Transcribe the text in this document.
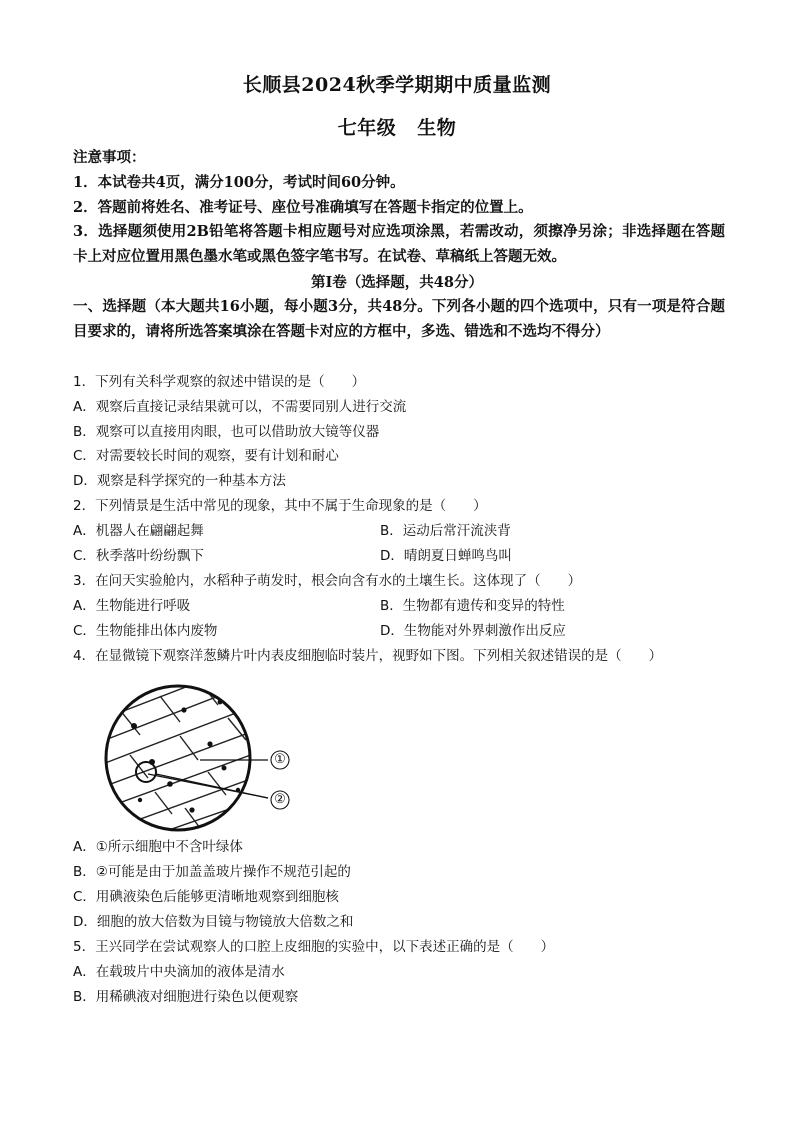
长顺县2024秋季学期期中质量监测
七年级 生物
注意事项：
1．本试卷共4页，满分100分，考试时间60分钟。
2．答题前将姓名、准考证号、座位号准确填写在答题卡指定的位置上。
3．选择题须使用2B铅笔将答题卡相应题号对应选项涂黑，若需改动，须擦净另涂；非选择题在答题卡上对应位置用黑色墨水笔或黑色签字笔书写。在试卷、草稿纸上答题无效。
第Ⅰ卷（选择题，共48分）
一、选择题（本大题共16小题，每小题3分，共48分。下列各小题的四个选项中，只有一项是符合题目要求的，请将所选答案填涂在答题卡对应的方框中，多选、错选和不选均不得分）
1．下列有关科学观察的叙述中错误的是（　　）
A．观察后直接记录结果就可以，不需要同别人进行交流
B．观察可以直接用肉眼，也可以借助放大镜等仪器
C．对需要较长时间的观察，要有计划和耐心
D．观察是科学探究的一种基本方法
2．下列情景是生活中常见的现象，其中不属于生命现象的是（　　）
A．机器人在翩翩起舞	B．运动后常汗流浃背
C．秋季落叶纷纷飘下	D．晴朗夏日蝉鸣鸟叫
3．在问天实验舱内，水稻种子萌发时，根会向含有水的土壤生长。这体现了（　　）
A．生物能进行呼吸	B．生物都有遗传和变异的特性
C．生物能排出体内废物	D．生物能对外界刺激作出反应
4．在显微镜下观察洋葱鳞片叶内表皮细胞临时装片，视野如下图。下列相关叙述错误的是（　　）
①
②
A．①所示细胞中不含叶绿体
B．②可能是由于加盖盖玻片操作不规范引起的
C．用碘液染色后能够更清晰地观察到细胞核
D．细胞的放大倍数为目镜与物镜放大倍数之和
5．王兴同学在尝试观察人的口腔上皮细胞的实验中，以下表述正确的是（　　）
A．在载玻片中央滴加的液体是清水
B．用稀碘液对细胞进行染色以便观察
